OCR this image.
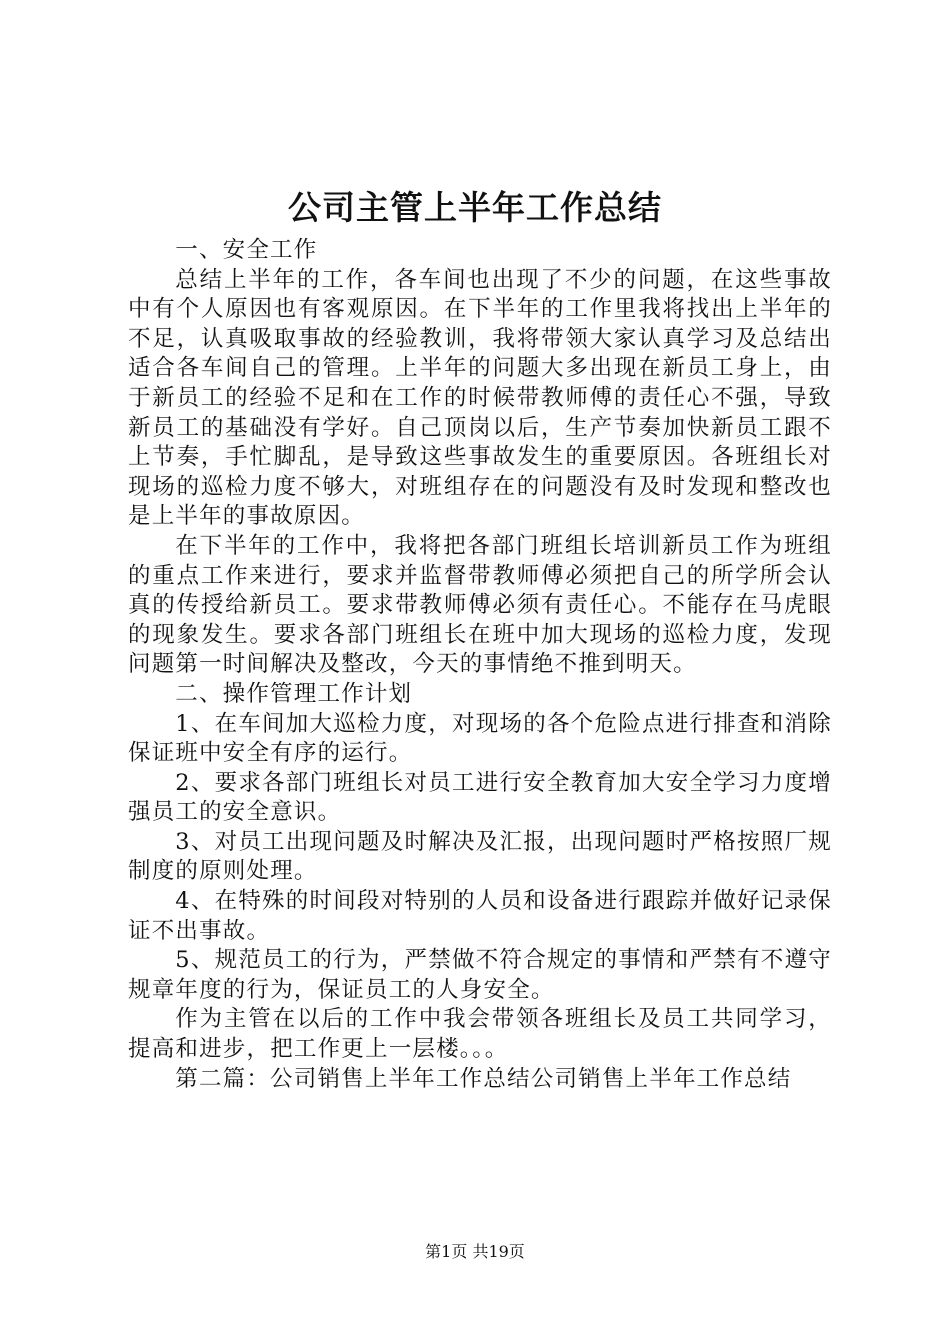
公司主管上半年工作总结

一、安全工作

总结上半年的工作，各车间也出现了不少的问题，在这些事故中有个人原因也有客观原因。在下半年的工作里我将找出上半年的不足，认真吸取事故的经验教训，我将带领大家认真学习及总结出适合各车间自己的管理。上半年的问题大多出现在新员工身上，由于新员工的经验不足和在工作的时候带教师傅的责任心不强，导致新员工的基础没有学好。自己顶岗以后，生产节奏加快新员工跟不上节奏，手忙脚乱，是导致这些事故发生的重要原因。各班组长对现场的巡检力度不够大，对班组存在的问题没有及时发现和整改也是上半年的事故原因。

在下半年的工作中，我将把各部门班组长培训新员工作为班组的重点工作来进行，要求并监督带教师傅必须把自己的所学所会认真的传授给新员工。要求带教师傅必须有责任心。不能存在马虎眼的现象发生。要求各部门班组长在班中加大现场的巡检力度，发现问题第一时间解决及整改，今天的事情绝不推到明天。

二、操作管理工作计划

1、在车间加大巡检力度，对现场的各个危险点进行排查和消除保证班中安全有序的运行。

2、要求各部门班组长对员工进行安全教育加大安全学习力度增强员工的安全意识。

3、对员工出现问题及时解决及汇报，出现问题时严格按照厂规制度的原则处理。

4、在特殊的时间段对特别的人员和设备进行跟踪并做好记录保证不出事故。

5、规范员工的行为，严禁做不符合规定的事情和严禁有不遵守规章年度的行为，保证员工的人身安全。

作为主管在以后的工作中我会带领各班组长及员工共同学习，提高和进步，把工作更上一层楼。。。

第二篇：公司销售上半年工作总结公司销售上半年工作总结

第1页 共19页
